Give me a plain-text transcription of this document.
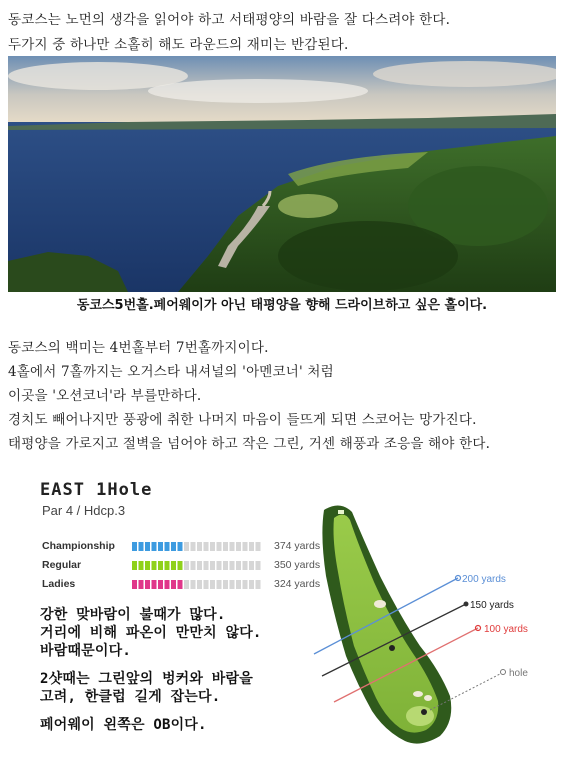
동코스는 노먼의 생각을 읽어야 하고 서태평양의 바람을 잘 다스려야 한다.
두가지 중 하나만 소홀히 해도 라운드의 재미는 반감된다.
동코스5번홀.페어웨이가 아닌 태평양을 향해 드라이브하고 싶은 홀이다.
동코스의 백미는 4번홀부터 7번홀까지이다.
4홀에서 7홀까지는 오거스타 내셔널의 '아멘코너' 처럼
이곳을 '오션코너'라 부를만하다.
경치도 빼어나지만 풍광에 취한 나머지 마음이 들뜨게 되면 스코어는 망가진다.
태평양을 가로지고 절벽을 넘어야 하고 작은 그린, 거센 해풍과 조응을 해야 한다.
EAST 1Hole
Par 4 / Hdcp.3
Championship	374 yards
Regular	350 yards
Ladies	324 yards
강한 맞바람이 불때가 많다.
거리에 비해 파온이 만만치 않다.
바람때문이다.
2샷때는 그린앞의 벙커와 바람을
고려, 한클럽 길게 잡는다.
페어웨이 왼쪽은 OB이다.
200 yards
150 yards
100 yards
hole
